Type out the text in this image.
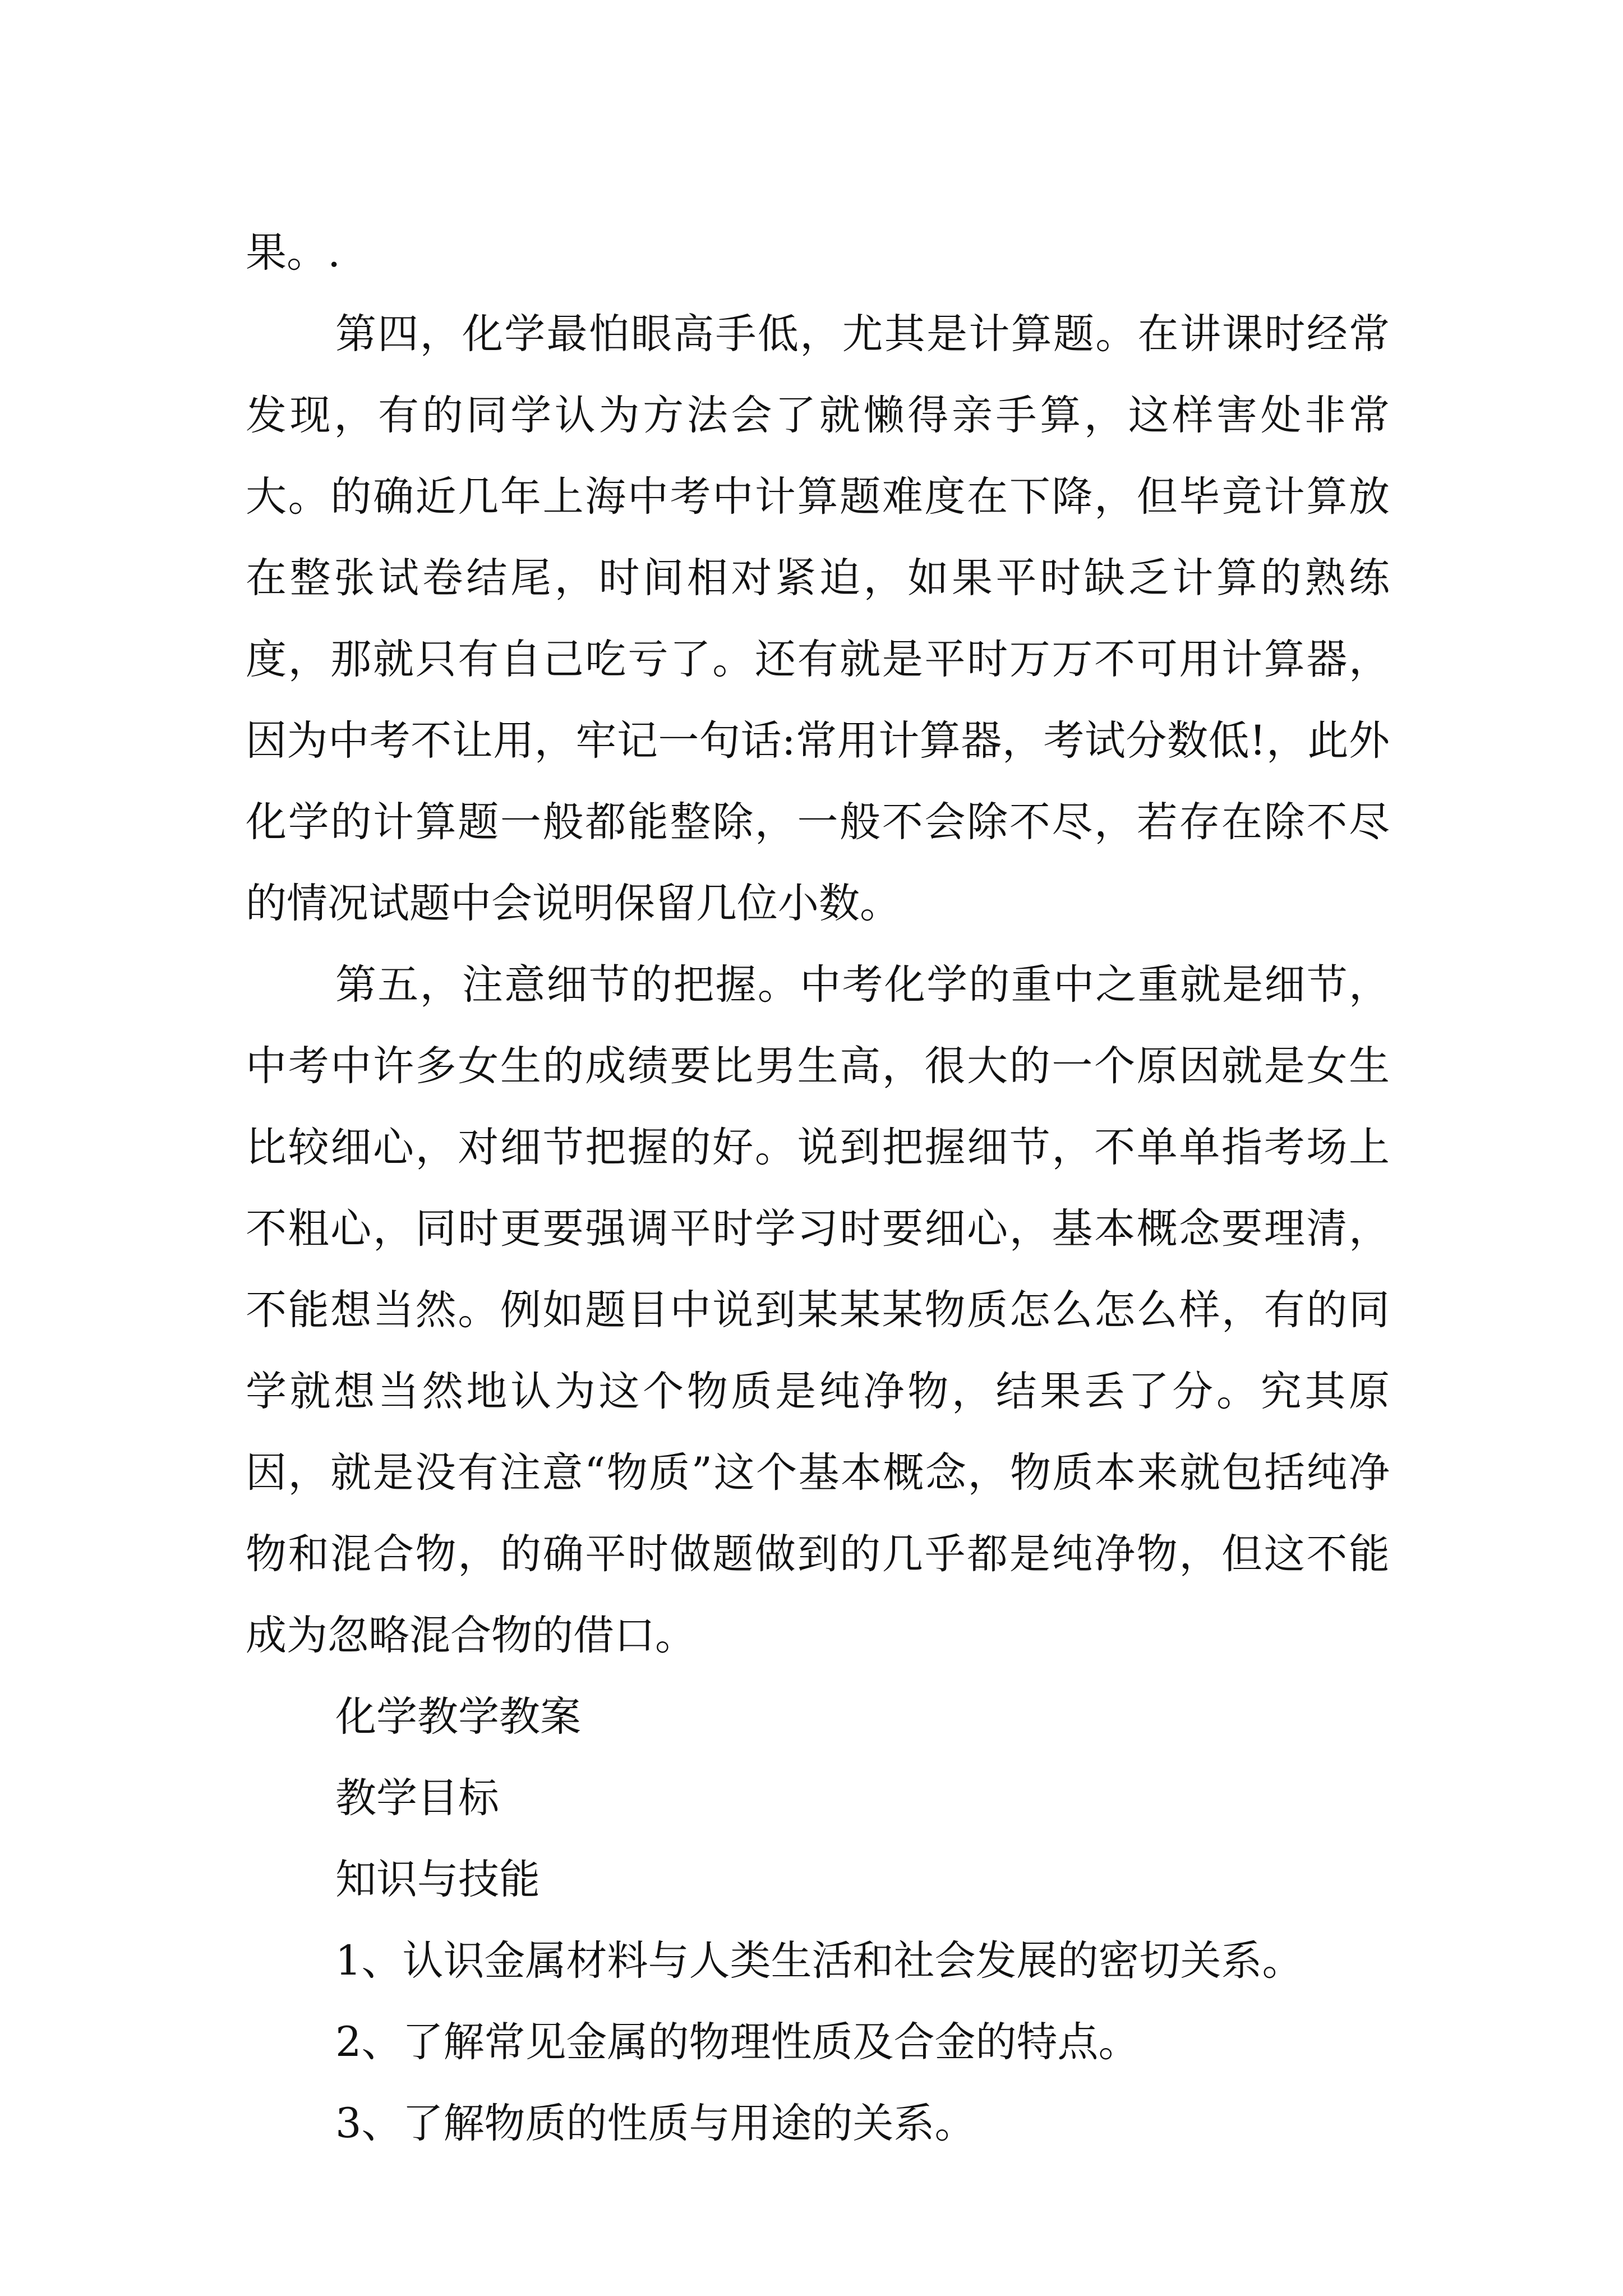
果。.

第四，化学最怕眼高手低，尤其是计算题。在讲课时经常发现，有的同学认为方法会了就懒得亲手算，这样害处非常大。的确近几年上海中考中计算题难度在下降，但毕竟计算放在整张试卷结尾，时间相对紧迫，如果平时缺乏计算的熟练度，那就只有自己吃亏了。还有就是平时万万不可用计算器，因为中考不让用，牢记一句话:常用计算器，考试分数低!，此外化学的计算题一般都能整除，一般不会除不尽，若存在除不尽的情况试题中会说明保留几位小数。

第五，注意细节的把握。中考化学的重中之重就是细节，中考中许多女生的成绩要比男生高，很大的一个原因就是女生比较细心，对细节把握的好。说到把握细节，不单单指考场上不粗心，同时更要强调平时学习时要细心，基本概念要理清，不能想当然。例如题目中说到某某某物质怎么怎么样，有的同学就想当然地认为这个物质是纯净物，结果丢了分。究其原因，就是没有注意“物质”这个基本概念，物质本来就包括纯净物和混合物，的确平时做题做到的几乎都是纯净物，但这不能成为忽略混合物的借口。

化学教学教案

教学目标

知识与技能

1、认识金属材料与人类生活和社会发展的密切关系。

2、了解常见金属的物理性质及合金的特点。

3、了解物质的性质与用途的关系。
